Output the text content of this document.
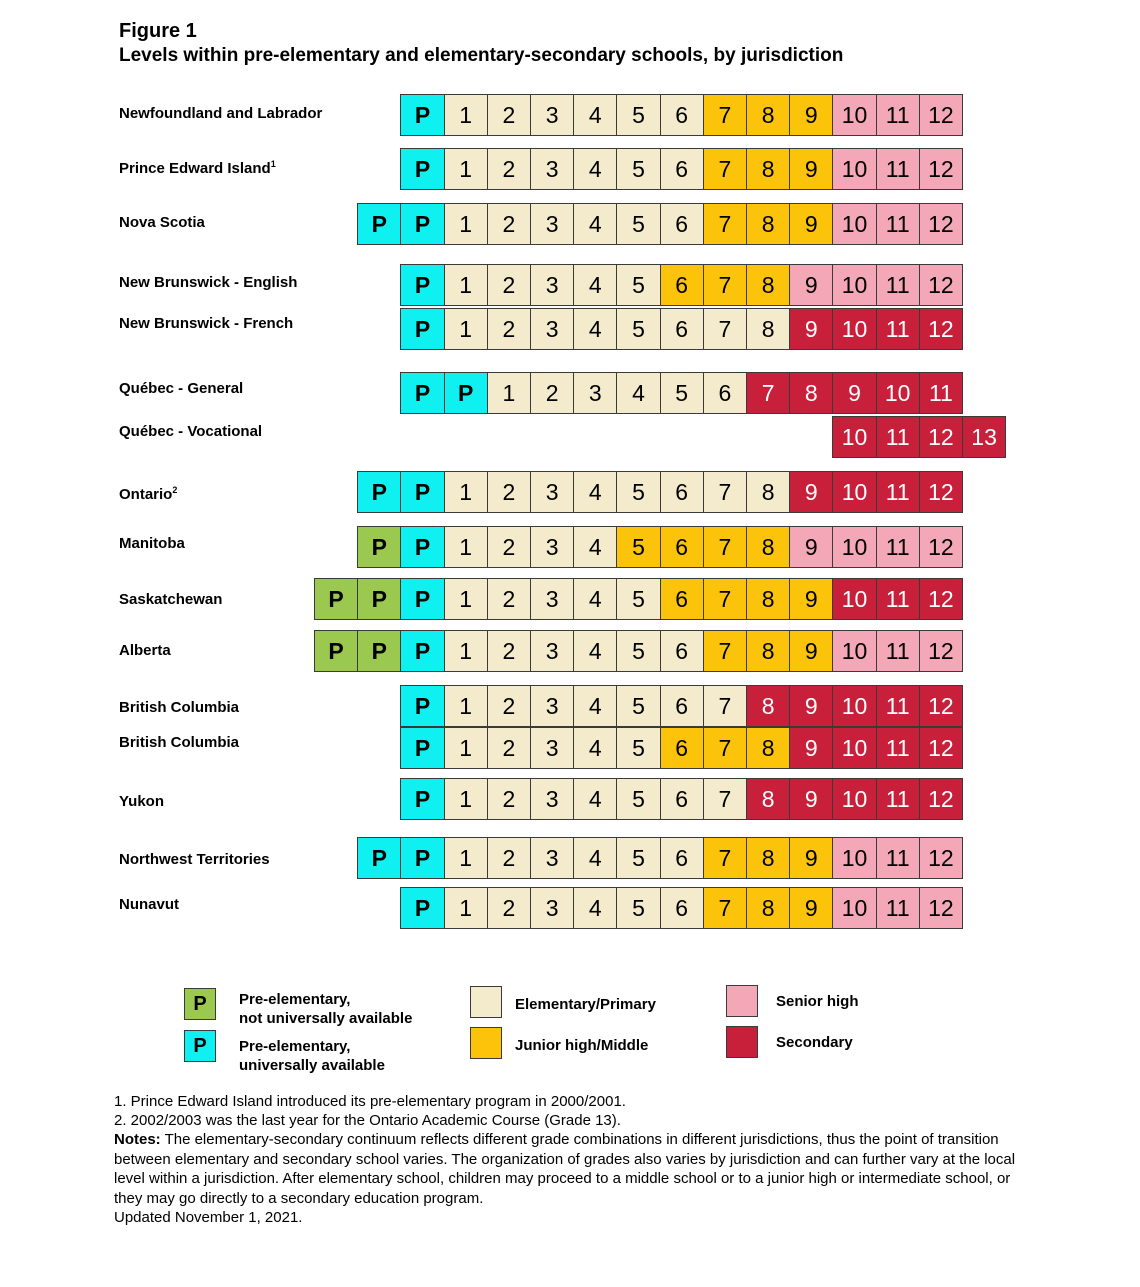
Figure 1
Levels within pre-elementary and elementary-secondary schools, by jurisdiction
Newfoundland and Labrador	P	1	2	3	4	5	6	7	8	9	10 11 12
Prince Edward Island$^1$	P	1	2	3	4	5	6	7	8	9	10 11 12
Nova Scotia	P	P	1	2	3	4	5	6	7	8	9	10 11 12
New Brunswick - English	P	1	2	3	4	5	6	7	8	9	10 11 12
New Brunswick - French	P	1	2	3	4	5	6	7	8	9	10 11 12
Québec - General	P	P	1	2	3	4	5	6	7	8	9	10 11
Québec - Vocational	10 11 12 13
Ontario$^2$	P	P	1	2	3	4	5	6	7	8	9	10 11 12
Manitoba	P	P	1	2	3	4	5	6	7	8	9	10 11 12
Saskatchewan	P	P	P	1	2	3	4	5	6	7	8	9	10 11 12
Alberta	P	P	P	1	2	3	4	5	6	7	8	9	10 11 12
British Columbia	P	1	2	3	4	5	6	7	8	9	10 11 12
British Columbia	P	1	2	3	4	5	6	7	8	9	10 11 12
Yukon	P	1	2	3	4	5	6	7	8	9	10 11 12
Northwest Territories	P	P	1	2	3	4	5	6	7	8	9	10 11 12
Nunavut	P	1	2	3	4	5	6	7	8	9	10 11 12
P Pre-elementary,
not universally available
P Pre-elementary,
universally available
Elementary/Primary
Junior high/Middle
Senior high
Secondary
1. Prince Edward Island introduced its pre-elementary program in 2000/2001.
2. 2002/2003 was the last year for the Ontario Academic Course (Grade 13).

Notes: The elementary-secondary continuum reflects different grade combinations in different jurisdictions, thus the point of transition between elementary and secondary school varies. The organization of grades also varies by jurisdiction and can further vary at the local level within a jurisdiction. After elementary school, children may proceed to a middle school or to a junior high or intermediate school, or they may go directly to a secondary education program.

Updated November 1, 2021.
